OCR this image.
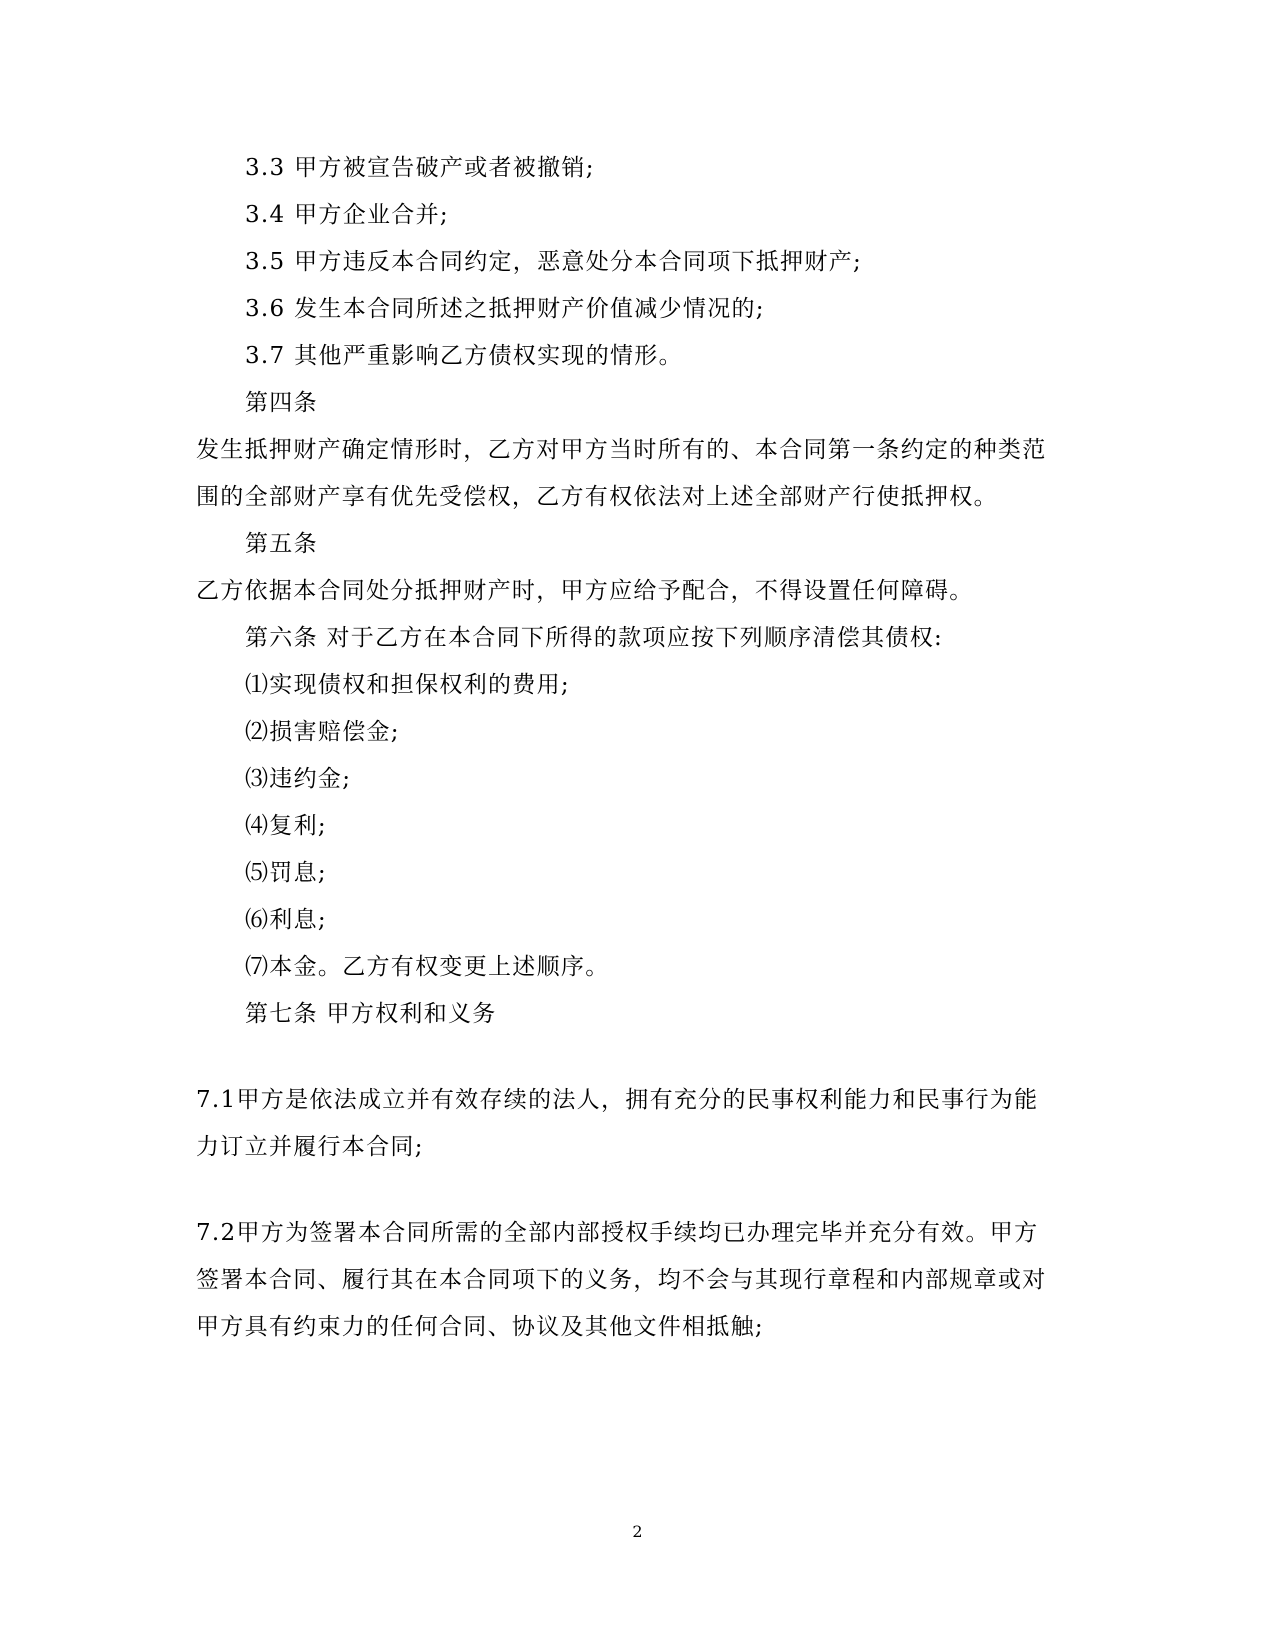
3.3 甲方被宣告破产或者被撤销;
3.4 甲方企业合并;
3.5 甲方违反本合同约定，恶意处分本合同项下抵押财产;
3.6 发生本合同所述之抵押财产价值减少情况的;
3.7 其他严重影响乙方债权实现的情形。
第四条
发生抵押财产确定情形时，乙方对甲方当时所有的、本合同第一条约定的种类范
围的全部财产享有优先受偿权，乙方有权依法对上述全部财产行使抵押权。
第五条
乙方依据本合同处分抵押财产时，甲方应给予配合，不得设置任何障碍。
第六条 对于乙方在本合同下所得的款项应按下列顺序清偿其债权:
⑴实现债权和担保权利的费用;
⑵损害赔偿金;
⑶违约金;
⑷复利;
⑸罚息;
⑹利息;
⑺本金。乙方有权变更上述顺序。
第七条 甲方权利和义务
7.1甲方是依法成立并有效存续的法人，拥有充分的民事权利能力和民事行为能
力订立并履行本合同;
7.2甲方为签署本合同所需的全部内部授权手续均已办理完毕并充分有效。甲方
签署本合同、履行其在本合同项下的义务，均不会与其现行章程和内部规章或对
甲方具有约束力的任何合同、协议及其他文件相抵触;
2
